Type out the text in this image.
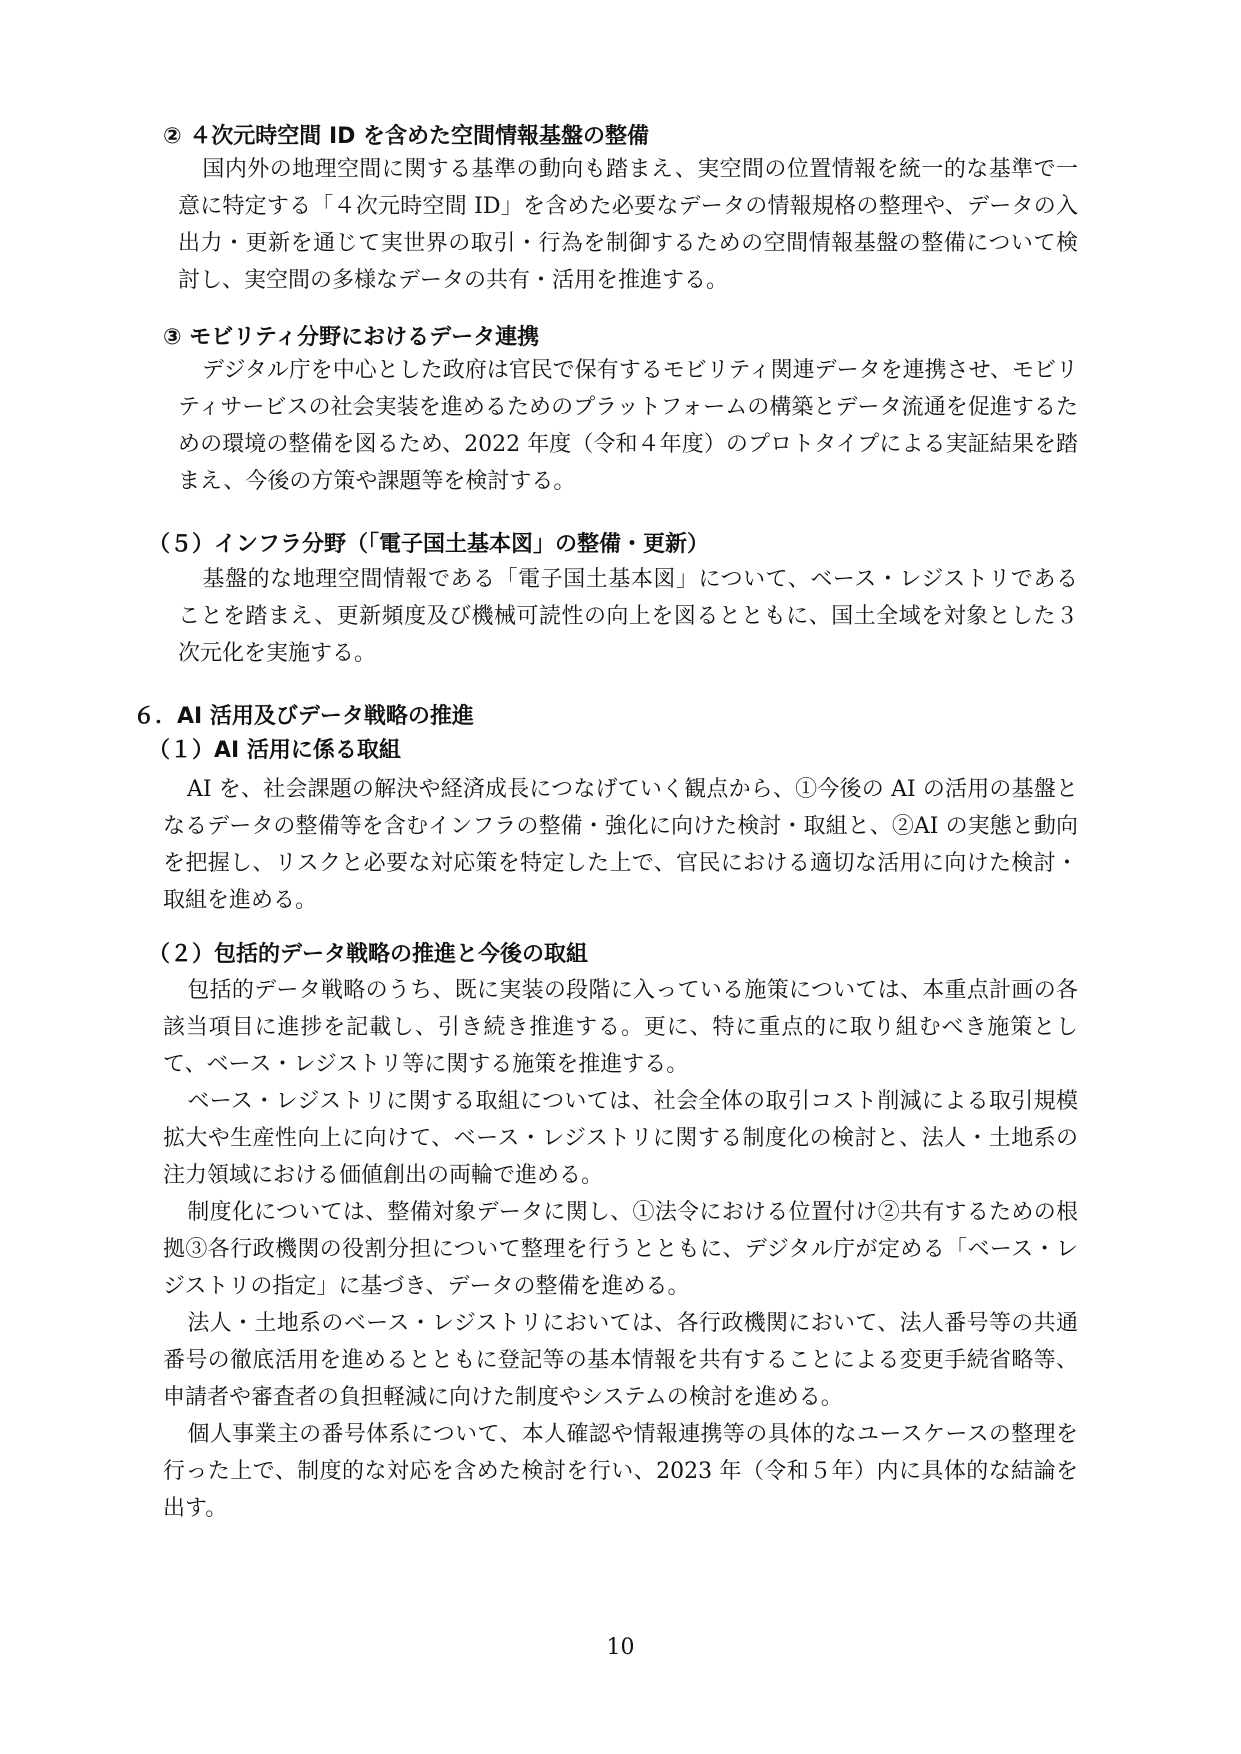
② ４次元時空間 ID を含めた空間情報基盤の整備

国内外の地理空間に関する基準の動向も踏まえ、実空間の位置情報を統一的な基準で一意に特定する「４次元時空間 ID」を含めた必要なデータの情報規格の整理や、データの入出力・更新を通じて実世界の取引・行為を制御するための空間情報基盤の整備について検討し、実空間の多様なデータの共有・活用を推進する。

③ モビリティ分野におけるデータ連携

デジタル庁を中心とした政府は官民で保有するモビリティ関連データを連携させ、モビリティサービスの社会実装を進めるためのプラットフォームの構築とデータ流通を促進するための環境の整備を図るため、2022 年度（令和４年度）のプロトタイプによる実証結果を踏まえ、今後の方策や課題等を検討する。

（５）インフラ分野（「電子国土基本図」の整備・更新）

基盤的な地理空間情報である「電子国土基本図」について、ベース・レジストリであることを踏まえ、更新頻度及び機械可読性の向上を図るとともに、国土全域を対象とした３次元化を実施する。

６．AI 活用及びデータ戦略の推進
（１）AI 活用に係る取組

AI を、社会課題の解決や経済成長につなげていく観点から、①今後の AI の活用の基盤となるデータの整備等を含むインフラの整備・強化に向けた検討・取組と、②AI の実態と動向を把握し、リスクと必要な対応策を特定した上で、官民における適切な活用に向けた検討・取組を進める。

（２）包括的データ戦略の推進と今後の取組

包括的データ戦略のうち、既に実装の段階に入っている施策については、本重点計画の各該当項目に進捗を記載し、引き続き推進する。更に、特に重点的に取り組むべき施策として、ベース・レジストリ等に関する施策を推進する。

ベース・レジストリに関する取組については、社会全体の取引コスト削減による取引規模拡大や生産性向上に向けて、ベース・レジストリに関する制度化の検討と、法人・土地系の注力領域における価値創出の両輪で進める。

制度化については、整備対象データに関し、①法令における位置付け②共有するための根拠③各行政機関の役割分担について整理を行うとともに、デジタル庁が定める「ベース・レジストリの指定」に基づき、データの整備を進める。

法人・土地系のベース・レジストリにおいては、各行政機関において、法人番号等の共通番号の徹底活用を進めるとともに登記等の基本情報を共有することによる変更手続省略等、申請者や審査者の負担軽減に向けた制度やシステムの検討を進める。

個人事業主の番号体系について、本人確認や情報連携等の具体的なユースケースの整理を行った上で、制度的な対応を含めた検討を行い、2023 年（令和５年）内に具体的な結論を出す。

10
